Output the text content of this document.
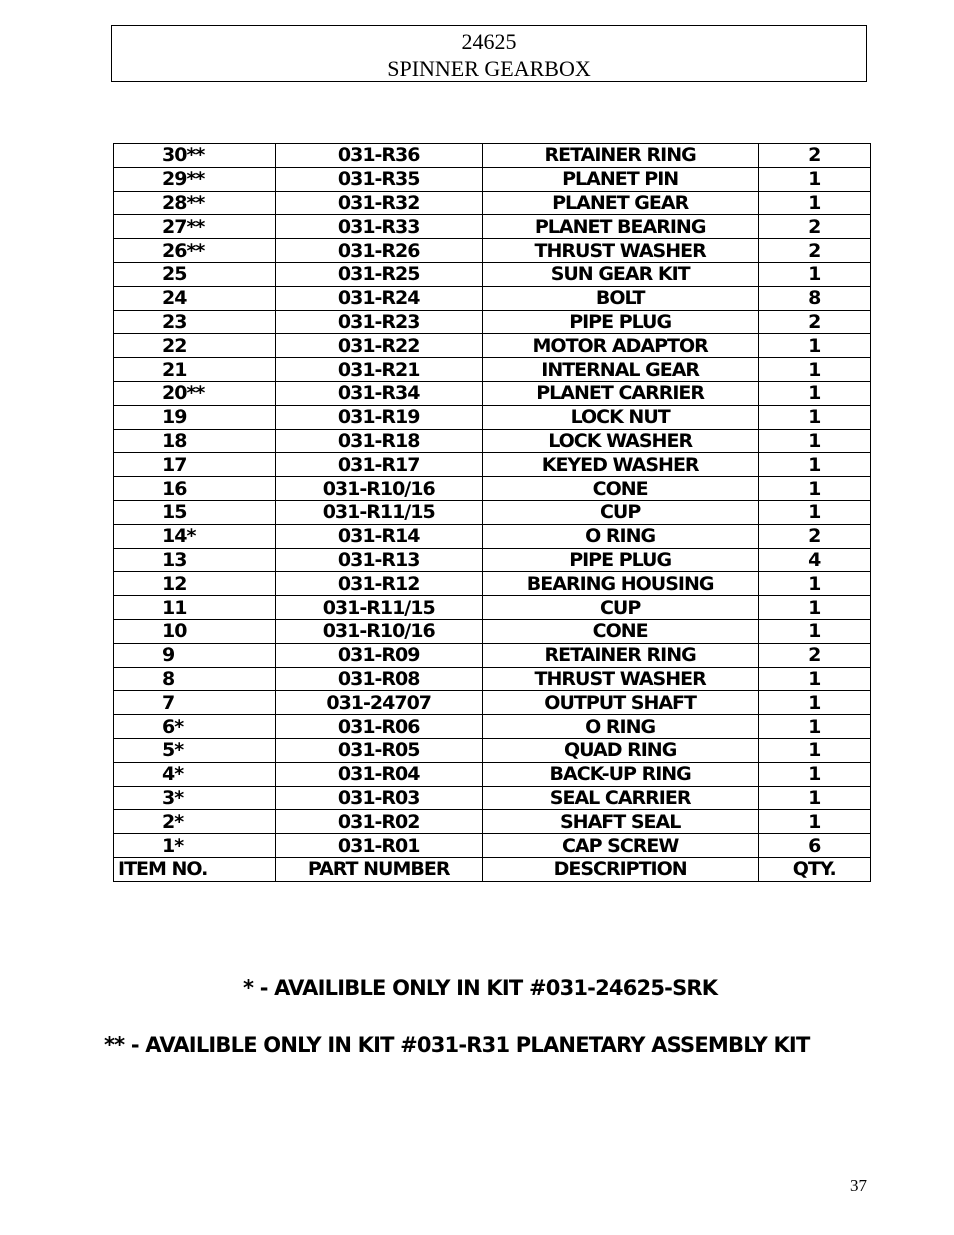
24625
SPINNER GEARBOX
30**	031-R36	RETAINER RING	2
29**	031-R35	PLANET PIN	1
28**	031-R32	PLANET GEAR	1
27**	031-R33	PLANET BEARING	2
26**	031-R26	THRUST WASHER	2
25	031-R25	SUN GEAR KIT	1
24	031-R24	BOLT	8
23	031-R23	PIPE PLUG	2
22	031-R22	MOTOR ADAPTOR	1
21	031-R21	INTERNAL GEAR	1
20**	031-R34	PLANET CARRIER	1
19	031-R19	LOCK NUT	1
18	031-R18	LOCK WASHER	1
17	031-R17	KEYED WASHER	1
16	031-R10/16	CONE	1
15	031-R11/15	CUP	1
14*	031-R14	O RING	2
13	031-R13	PIPE PLUG	4
12	031-R12	BEARING HOUSING	1
11	031-R11/15	CUP	1
10	031-R10/16	CONE	1
9	031-R09	RETAINER RING	2
8	031-R08	THRUST WASHER	1
7	031-24707	OUTPUT SHAFT	1
6*	031-R06	O RING	1
5*	031-R05	QUAD RING	1
4*	031-R04	BACK-UP RING	1
3*	031-R03	SEAL CARRIER	1
2*	031-R02	SHAFT SEAL	1
1*	031-R01	CAP SCREW	6
ITEM NO.	PART NUMBER	DESCRIPTION	QTY.
* - AVAILIBLE ONLY IN KIT #031-24625-SRK
** - AVAILIBLE ONLY IN KIT #031-R31 PLANETARY ASSEMBLY KIT
37
